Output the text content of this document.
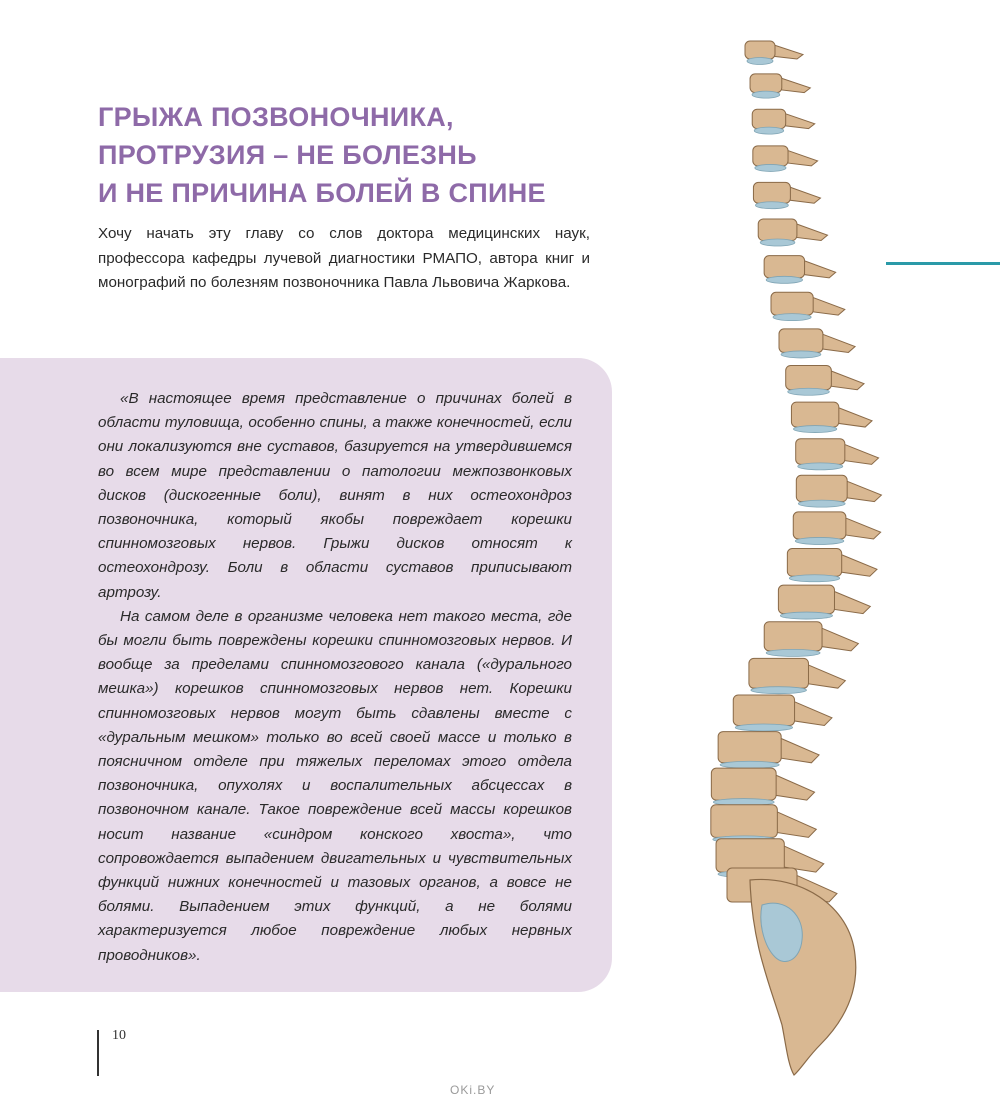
ГРЫЖА ПОЗВОНОЧНИКА,
ПРОТРУЗИЯ – НЕ БОЛЕЗНЬ
И НЕ ПРИЧИНА БОЛЕЙ В СПИНЕ

Хочу начать эту главу со слов доктора медицинских наук, профессора кафедры лучевой диагностики РМАПО, автора книг и монографий по болезням позвоночника Павла Львовича Жаркова.

«В настоящее время представление о причинах болей в области туловища, особенно спины, а также конечностей, если они локализуются вне суставов, базируется на утвердившемся во всем мире представлении о патологии межпозвонковых дисков (дискогенные боли), винят в них остеохондроз позвоночника, который якобы повреждает корешки спинномозговых нервов. Грыжи дисков относят к остеохондрозу. Боли в области суставов приписывают артрозу.

На самом деле в организме человека нет такого места, где бы могли быть повреждены корешки спинномозговых нервов. И вообще за пределами спинномозгового канала («дурального мешка») корешков спинномозговых нервов нет. Корешки спинномозговых нервов могут быть сдавлены вместе с «дуральным мешком» только во всей своей массе и только в поясничном отделе при тяжелых переломах этого отдела позвоночника, опухолях и воспалительных абсцессах в позвоночном канале. Такое повреждение всей массы корешков носит название «синдром конского хвоста», что сопровождается выпадением двигательных и чувствительных функций нижних конечностей и тазовых органов, а вовсе не болями. Выпадением этих функций, а не болями характеризуется любое повреждение любых нервных проводников».

10
OKi.BY
